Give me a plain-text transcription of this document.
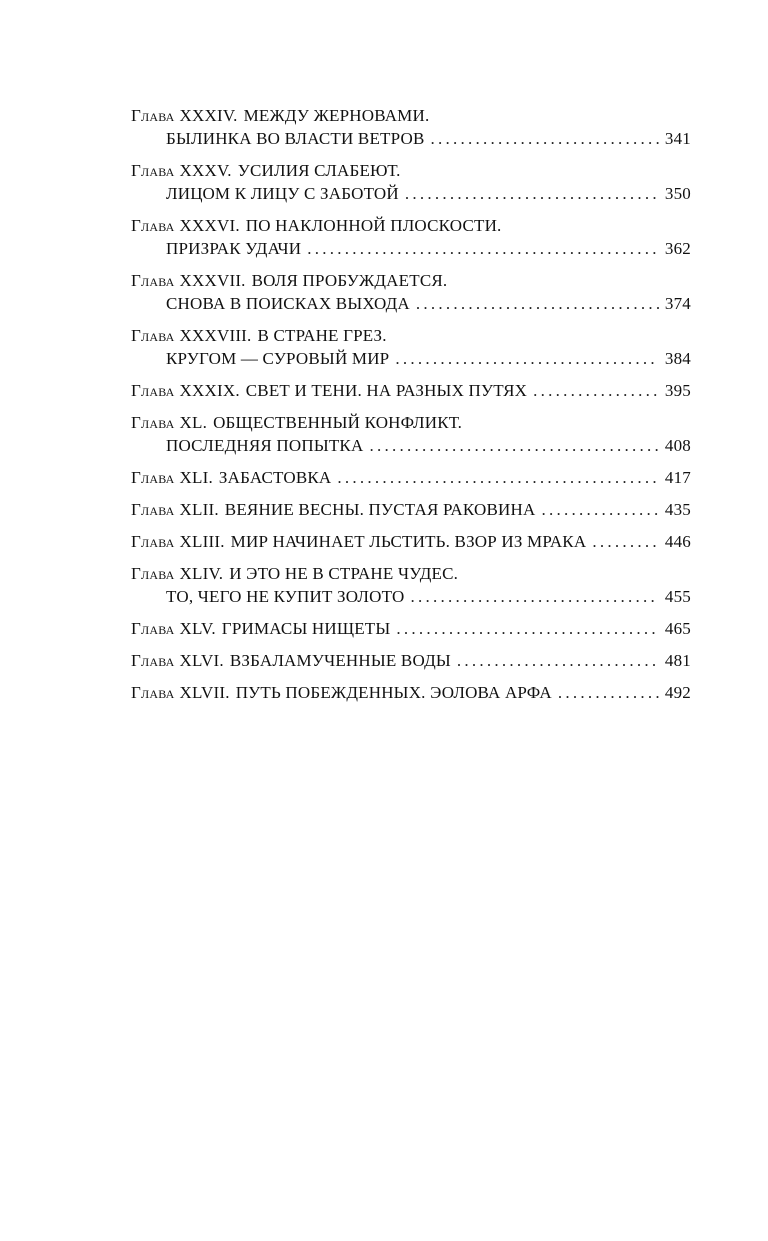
Глава XXXIV. МЕЖДУ ЖЕРНОВАМИ.
БЫЛИНКА ВО ВЛАСТИ ВЕТРОВ . . .	341
Глава XXXV. УСИЛИЯ СЛАБЕЮТ.
ЛИЦОМ К ЛИЦУ С ЗАБОТОЙ . . .	350
Глава XXXVI. ПО НАКЛОННОЙ ПЛОСКОСТИ.
ПРИЗРАК УДАЧИ . . .	362
Глава XXXVII. ВОЛЯ ПРОБУЖДАЕТСЯ.
СНОВА В ПОИСКАХ ВЫХОДА . . .	374
Глава XXXVIII. В СТРАНЕ ГРЕЗ.
КРУГОМ — СУРОВЫЙ МИР . . .	384
Глава XXXIX. СВЕТ И ТЕНИ. НА РАЗНЫХ ПУТЯХ . . .	395
Глава XL. ОБЩЕСТВЕННЫЙ КОНФЛИКТ.
ПОСЛЕДНЯЯ ПОПЫТКА . . .	408
Глава XLI. ЗАБАСТОВКА . . .	417
Глава XLII. ВЕЯНИЕ ВЕСНЫ. ПУСТАЯ РАКОВИНА . . .	435
Глава XLIII. МИР НАЧИНАЕТ ЛЬСТИТЬ. ВЗОР ИЗ МРАКА . . .	446
Глава XLIV. И ЭТО НЕ В СТРАНЕ ЧУДЕС.
ТО, ЧЕГО НЕ КУПИТ ЗОЛОТО . . .	455
Глава XLV. ГРИМАСЫ НИЩЕТЫ . . .	465
Глава XLVI. ВЗБАЛАМУЧЕННЫЕ ВОДЫ . . .	481
Глава XLVII. ПУТЬ ПОБЕЖДЕННЫХ. ЭОЛОВА АРФА . . .	492
